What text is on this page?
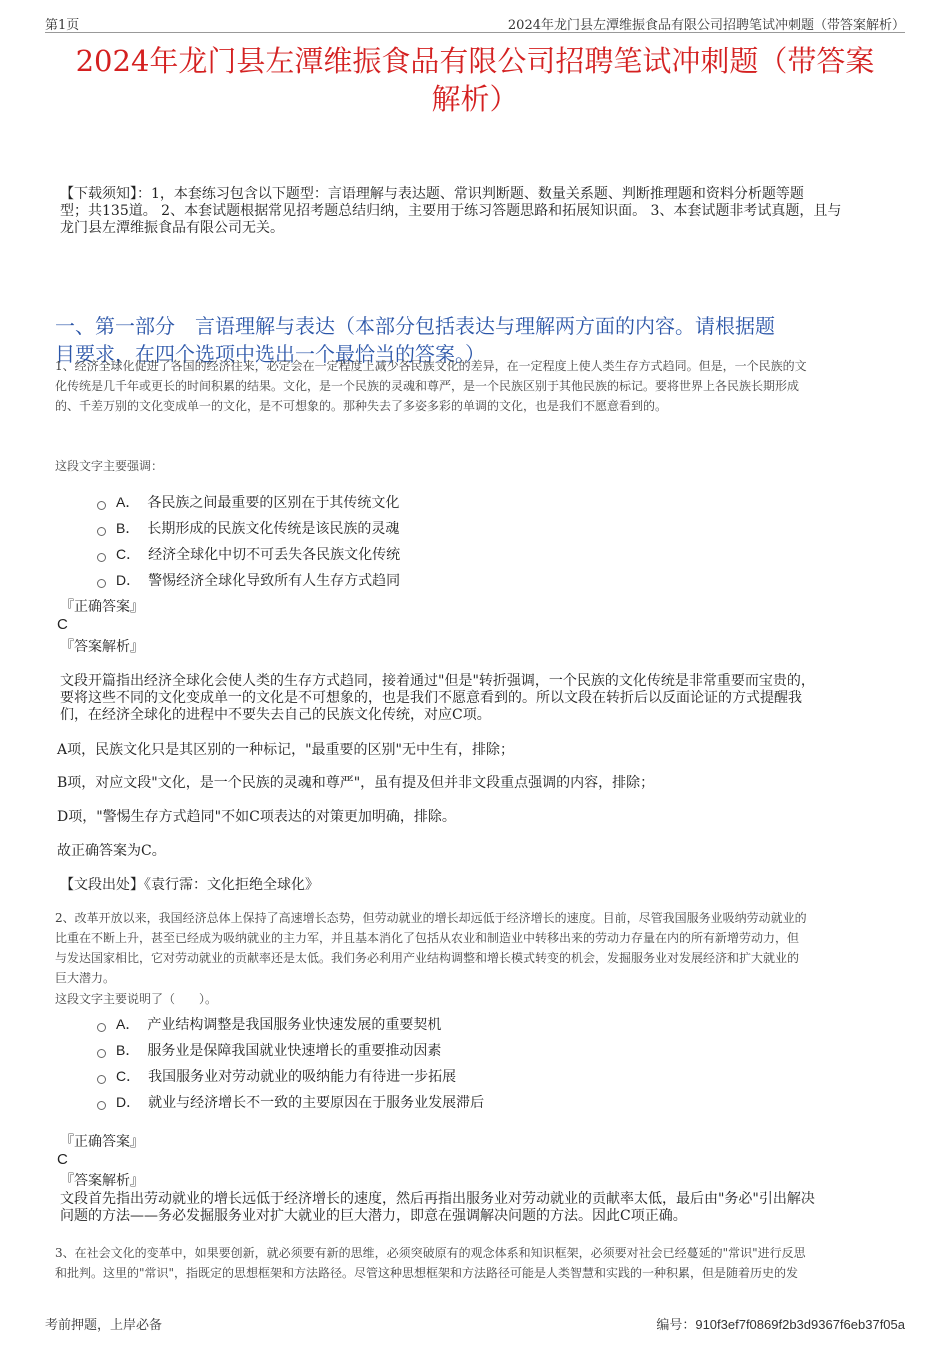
第1页	2024年龙门县左潭维振食品有限公司招聘笔试冲刺题（带答案解析）
2024年龙门县左潭维振食品有限公司招聘笔试冲刺题（带答案
解析）
【下载须知】：1，本套练习包含以下题型：言语理解与表达题、常识判断题、数量关系题、判断推理题和资料分析题等题
型；共135道。 2、本套试题根据常见招考题总结归纳，主要用于练习答题思路和拓展知识面。 3、本套试题非考试真题，且与
龙门县左潭维振食品有限公司无关。
一、第一部分　言语理解与表达（本部分包括表达与理解两方面的内容。请根据题
目要求，在四个选项中选出一个最恰当的答案。）
1、经济全球化促进了各国的经济往来，必定会在一定程度上减少各民族文化的差异，在一定程度上使人类生存方式趋同。但是，一个民族的文
化传统是几千年或更长的时间积累的结果。文化，是一个民族的灵魂和尊严，是一个民族区别于其他民族的标记。要将世界上各民族长期形成
的、千差万别的文化变成单一的文化，是不可想象的。那种失去了多姿多彩的单调的文化，也是我们不愿意看到的。
这段文字主要强调：
A． 各民族之间最重要的区别在于其传统文化
B． 长期形成的民族文化传统是该民族的灵魂
C． 经济全球化中切不可丢失各民族文化传统
D． 警惕经济全球化导致所有人生存方式趋同
『正确答案』
C
『答案解析』
文段开篇指出经济全球化会使人类的生存方式趋同，接着通过"但是"转折强调，一个民族的文化传统是非常重要而宝贵的，
要将这些不同的文化变成单一的文化是不可想象的，也是我们不愿意看到的。所以文段在转折后以反面论证的方式提醒我
们，在经济全球化的进程中不要失去自己的民族文化传统，对应C项。
A项，民族文化只是其区别的一种标记，"最重要的区别"无中生有，排除；
B项，对应文段"文化，是一个民族的灵魂和尊严"，虽有提及但并非文段重点强调的内容，排除；
D项，"警惕生存方式趋同"不如C项表达的对策更加明确，排除。
故正确答案为C。
【文段出处】《袁行霈：文化拒绝全球化》
2、改革开放以来，我国经济总体上保持了高速增长态势，但劳动就业的增长却远低于经济增长的速度。目前，尽管我国服务业吸纳劳动就业的
比重在不断上升，甚至已经成为吸纳就业的主力军，并且基本消化了包括从农业和制造业中转移出来的劳动力存量在内的所有新增劳动力，但
与发达国家相比，它对劳动就业的贡献率还是太低。我们务必利用产业结构调整和增长模式转变的机会，发掘服务业对发展经济和扩大就业的
巨大潜力。
这段文字主要说明了（　　）。
A． 产业结构调整是我国服务业快速发展的重要契机
B． 服务业是保障我国就业快速增长的重要推动因素
C． 我国服务业对劳动就业的吸纳能力有待进一步拓展
D． 就业与经济增长不一致的主要原因在于服务业发展滞后
『正确答案』
C
『答案解析』
文段首先指出劳动就业的增长远低于经济增长的速度，然后再指出服务业对劳动就业的贡献率太低，最后由"务必"引出解决
问题的方法——务必发掘服务业对扩大就业的巨大潜力，即意在强调解决问题的方法。因此C项正确。
3、在社会文化的变革中，如果要创新，就必须要有新的思维，必须突破原有的观念体系和知识框架，必须要对社会已经蔓延的"常识"进行反思
和批判。这里的"常识"，指既定的思想框架和方法路径。尽管这种思想框架和方法路径可能是人类智慧和实践的一种积累，但是随着历史的发
考前押题，上岸必备	编号：910f3ef7f0869f2b3d9367f6eb37f05a
